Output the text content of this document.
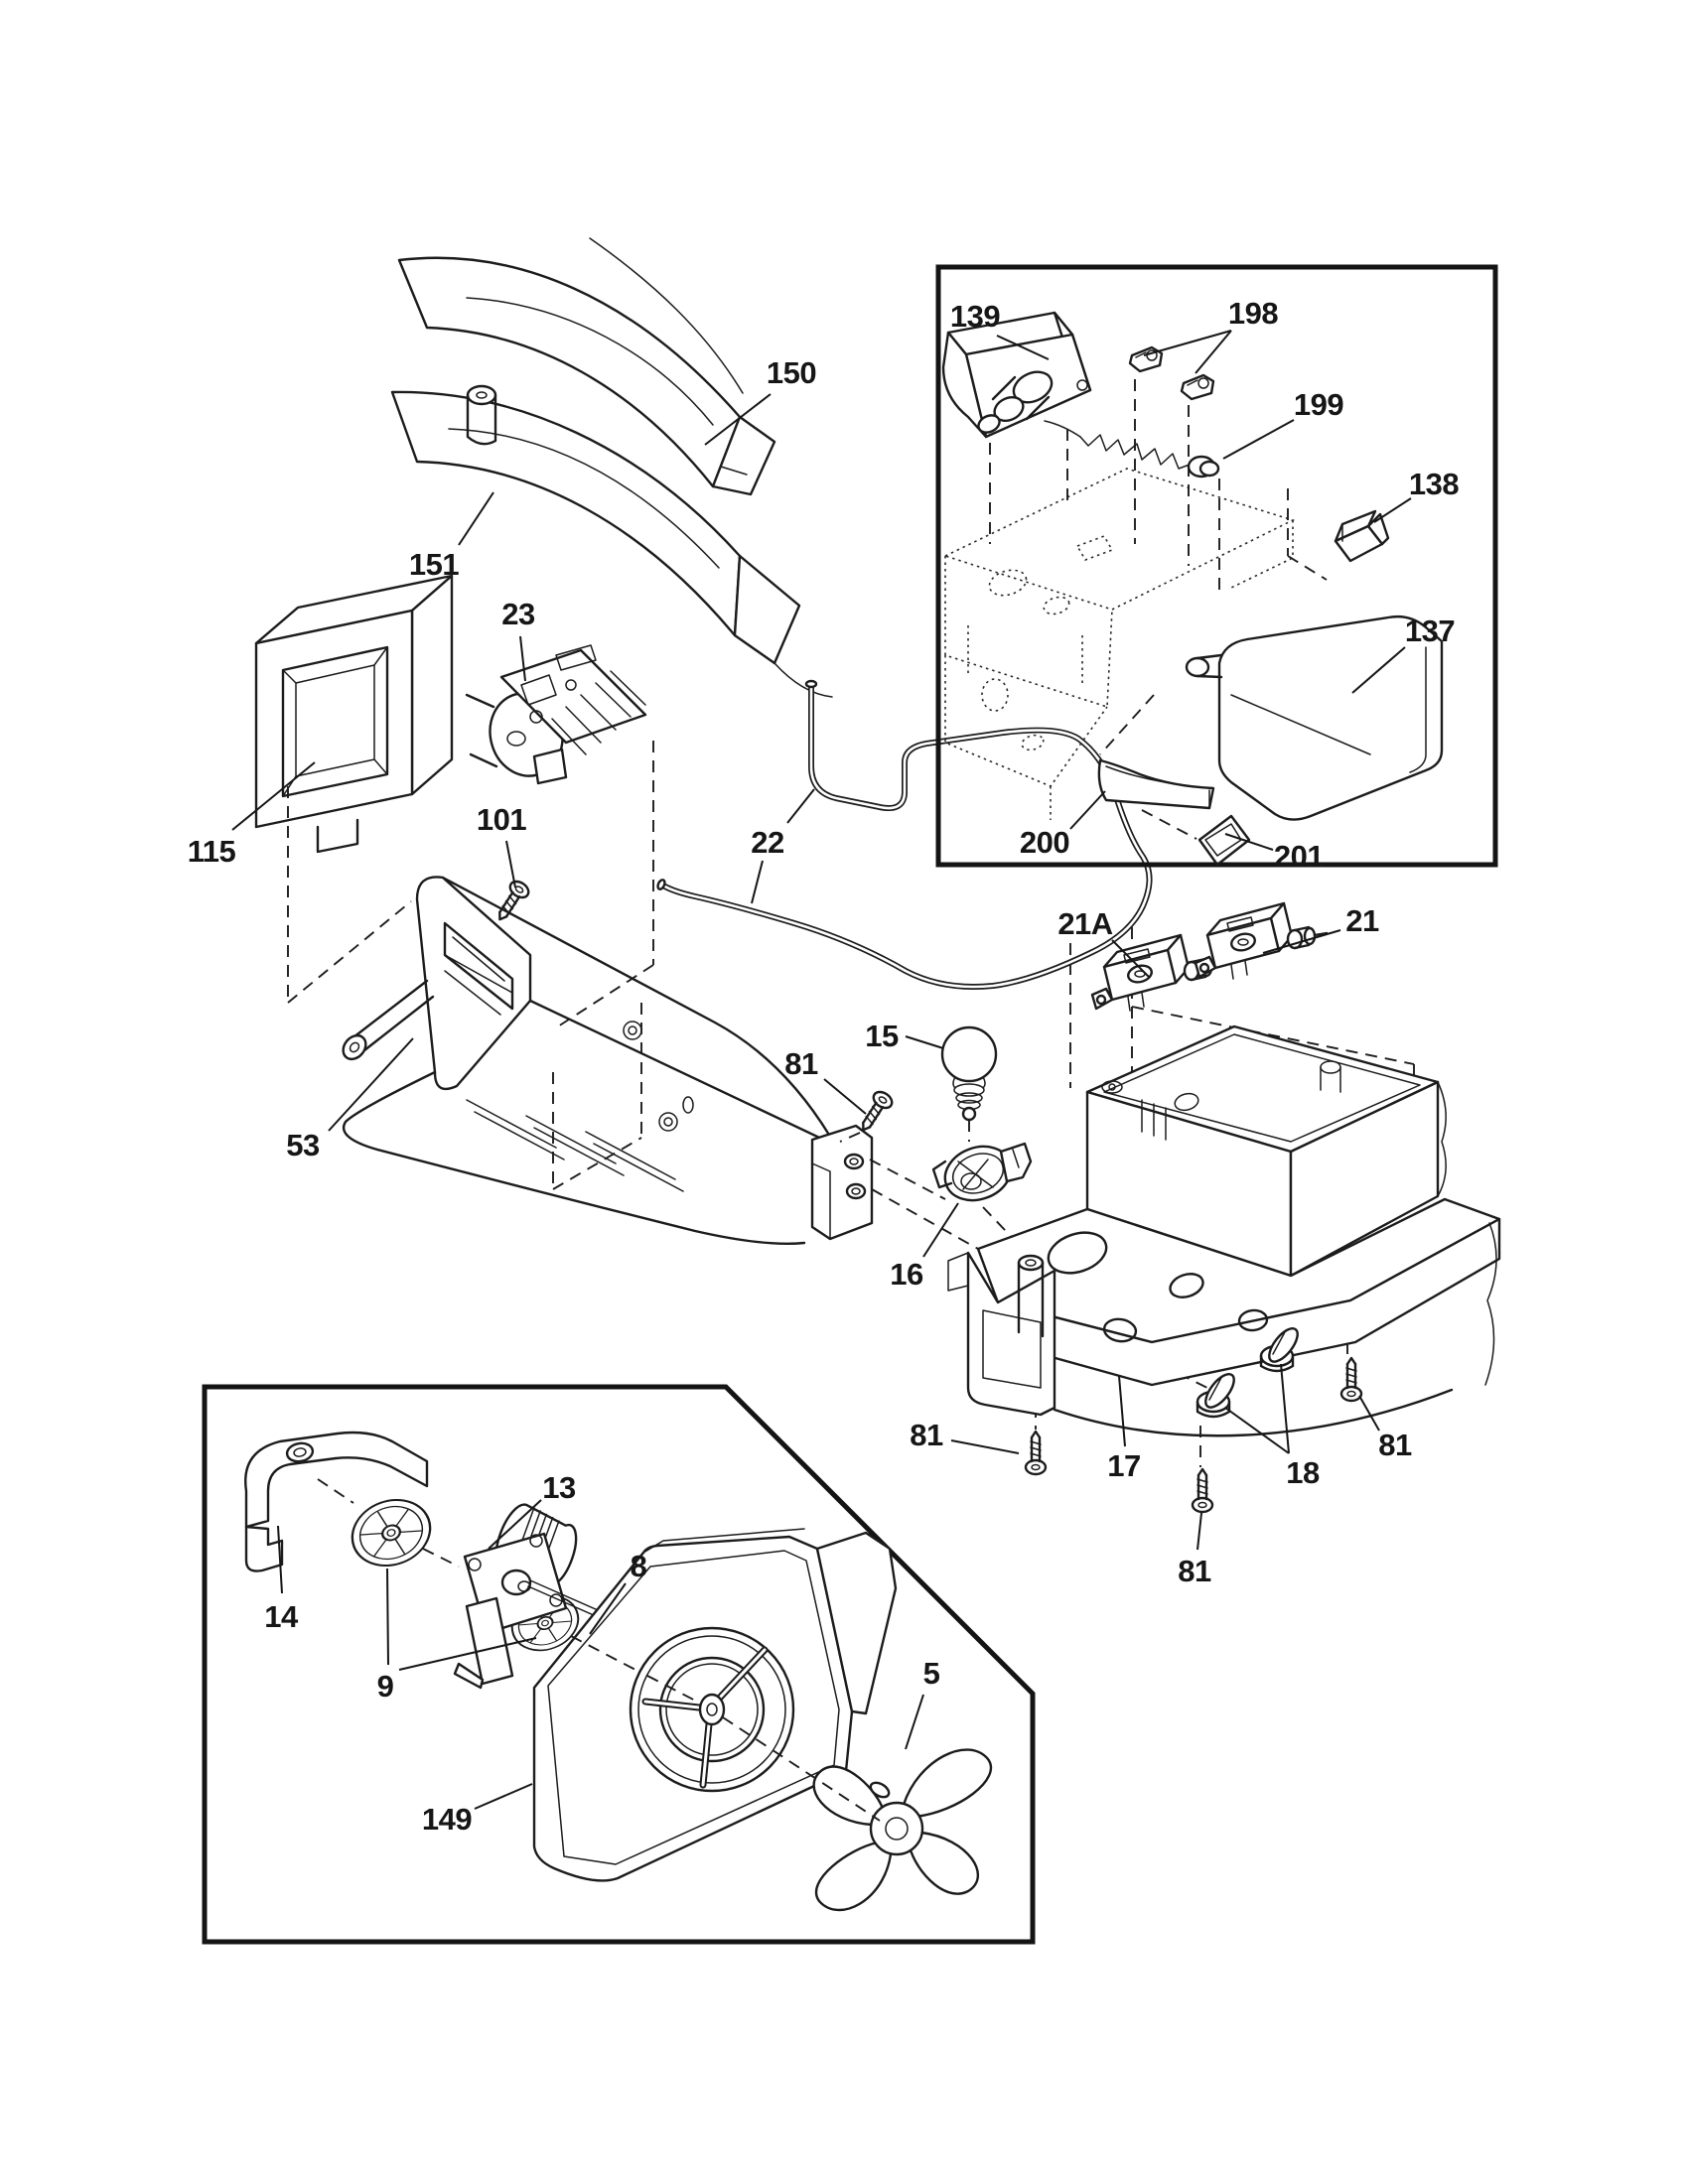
150
151
23
115
101
22
53
81
15
16
21A	21
17	18
81
81
81
139	198
199
138
137
200	201
14
13
9
8
149
5
